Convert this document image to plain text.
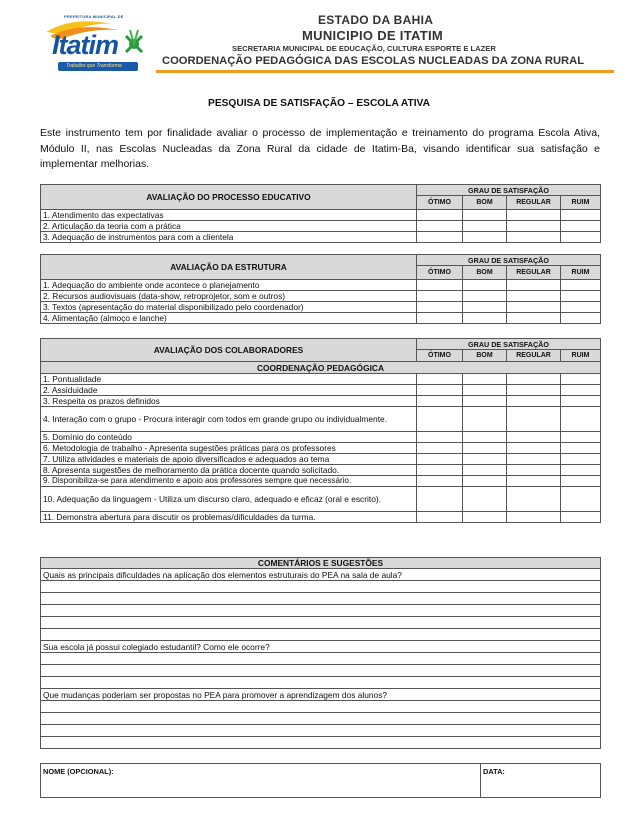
PREFEITURA MUNICIPAL DE
Itatim
Trabalho que Transforma
ESTADO DA BAHIA
MUNICIPIO DE ITATIM
SECRETARIA MUNICIPAL DE EDUCAÇÃO, CULTURA ESPORTE E LAZER
COORDENAÇÃO PEDAGÓGICA DAS ESCOLAS NUCLEADAS DA ZONA RURAL
PESQUISA DE SATISFAÇÃO – ESCOLA ATIVA
Este instrumento tem por finalidade avaliar o processo de implementação e treinamento do programa Escola Ativa, Módulo II, nas Escolas Nucleadas da Zona Rural da cidade de Itatim-Ba, visando identificar sua satisfação e implementar melhorias.
AVALIAÇÃO DO PROCESSO EDUCATIVO	GRAU DE SATISFAÇÃO			
	ÓTIMO	BOM	REGULAR	RUIM
1. Atendimento das expectativas				
2. Articulação da teoria com a prática				
3. Adequação de instrumentos para com a clientela				
AVALIAÇÃO DA ESTRUTURA	GRAU DE SATISFAÇÃO			
	ÓTIMO	BOM	REGULAR	RUIM
1. Adequação do ambiente onde acontece o planejamento				
2. Recursos audiovisuais (data-show, retroprojetor, som e outros)				
3. Textos (apresentação do material disponibilizado pelo coordenador)				
4. Alimentação (almoço e lanche)				
AVALIAÇÃO DOS COLABORADORES	GRAU DE SATISFAÇÃO			
	ÓTIMO	BOM	REGULAR	RUIM
COORDENAÇÃO PEDAGÓGICA				
1. Pontualidade				
2. Assiduidade				
3. Respeita os prazos definidos				
4. Interação com o grupo - Procura interagir com todos em grande grupo ou individualmente.				
5. Domínio do conteúdo				
6. Metodologia de trabalho - Apresenta sugestões práticas para os professores				
7. Utiliza atividades e materiais de apoio diversificados e adequados ao tema				
8. Apresenta sugestões de melhoramento da prática docente quando solicitado.				
9. Disponibiliza-se para atendimento e apoio aos professores sempre que necessário.				
10. Adequação da linguagem - Utiliza um discurso claro, adequado e eficaz (oral e escrito).				
11. Demonstra abertura para discutir os problemas/dificuldades da turma.				
COMENTÁRIOS E SUGESTÕES
Quais as principais dificuldades na aplicação dos elementos estruturais do PEA na sala de aula?

Sua escola já possui colegiado estudantil? Como ele ocorre?

Que mudanças poderiam ser propostas no PEA para promover a aprendizagem dos alunos?

NOME (OPCIONAL):	DATA:
